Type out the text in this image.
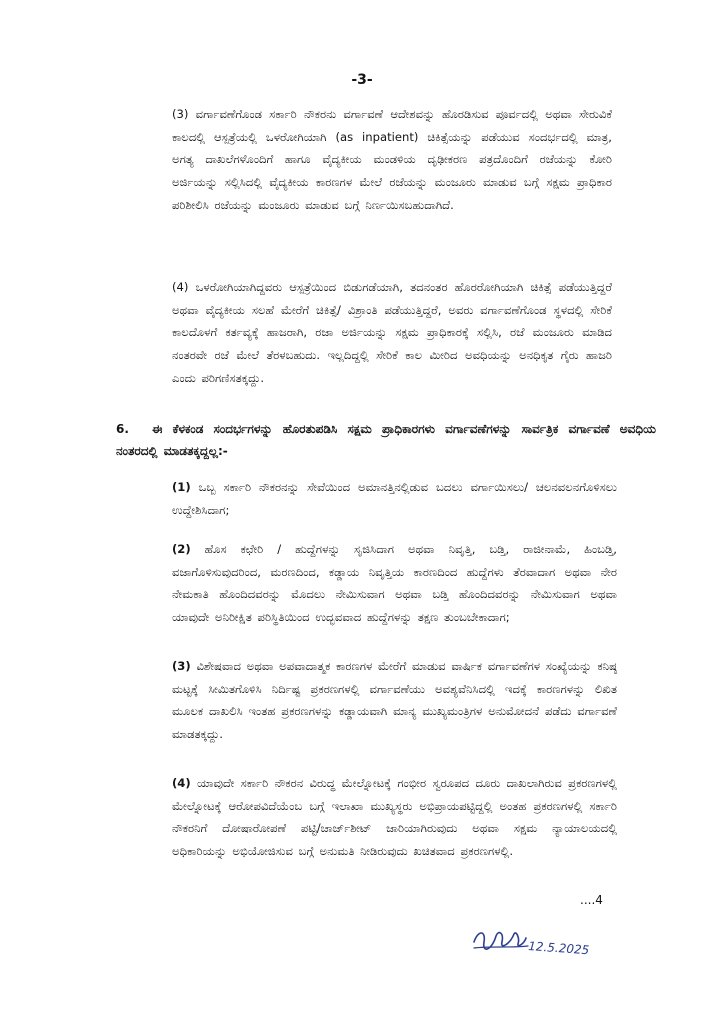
-3-

(3) ವರ್ಗಾವಣೆಗೊಂಡ ಸರ್ಕಾರಿ ನೌಕರನು ವರ್ಗಾವಣೆ ಆದೇಶವನ್ನು ಹೊರಡಿಸುವ ಪೂರ್ವದಲ್ಲಿ ಅಥವಾ ಸೇರುವಿಕೆ ಕಾಲದಲ್ಲಿ ಆಸ್ಪತ್ರೆಯಲ್ಲಿ ಒಳರೋಗಿಯಾಗಿ (as inpatient) ಚಿಕಿತ್ಸೆಯನ್ನು ಪಡೆಯುವ ಸಂದರ್ಭದಲ್ಲಿ ಮಾತ್ರ, ಅಗತ್ಯ ದಾಖಲೆಗಳೊಂದಿಗೆ ಹಾಗೂ ವೈದ್ಯಕೀಯ ಮಂಡಳಿಯ ದೃಢೀಕರಣ ಪತ್ರದೊಂದಿಗೆ ರಜೆಯನ್ನು ಕೋರಿ ಅರ್ಜಿಯನ್ನು ಸಲ್ಲಿಸಿದಲ್ಲಿ ವೈದ್ಯಕೀಯ ಕಾರಣಗಳ ಮೇಲೆ ರಜೆಯನ್ನು ಮಂಜೂರು ಮಾಡುವ ಬಗ್ಗೆ ಸಕ್ಷಮ ಪ್ರಾಧಿಕಾರ ಪರಿಶೀಲಿಸಿ ರಜೆಯನ್ನು ಮಂಜೂರು ಮಾಡುವ ಬಗ್ಗೆ ನಿರ್ಣಯಿಸಬಹುದಾಗಿದೆ.

(4) ಒಳರೋಗಿಯಾಗಿದ್ದವರು ಆಸ್ಪತ್ರೆಯಿಂದ ಬಿಡುಗಡೆಯಾಗಿ, ತದನಂತರ ಹೊರರೋಗಿಯಾಗಿ ಚಿಕಿತ್ಸೆ ಪಡೆಯುತ್ತಿದ್ದರೆ ಅಥವಾ ವೈದ್ಯಕೀಯ ಸಲಹೆ ಮೇರೆಗೆ ಚಿಕಿತ್ಸೆ/ ವಿಶ್ರಾಂತಿ ಪಡೆಯುತ್ತಿದ್ದರೆ, ಅವರು ವರ್ಗಾವಣೆಗೊಂಡ ಸ್ಥಳದಲ್ಲಿ ಸೇರಿಕೆ ಕಾಲದೊಳಗೆ ಕರ್ತವ್ಯಕ್ಕೆ ಹಾಜರಾಗಿ, ರಜಾ ಅರ್ಜಿಯನ್ನು ಸಕ್ಷಮ ಪ್ರಾಧಿಕಾರಕ್ಕೆ ಸಲ್ಲಿಸಿ, ರಜೆ ಮಂಜೂರು ಮಾಡಿದ ನಂತರವೇ ರಜೆ ಮೇಲೆ ತೆರಳಬಹುದು. ಇಲ್ಲದಿದ್ದಲ್ಲಿ ಸೇರಿಕೆ ಕಾಲ ಮೀರಿದ ಅವಧಿಯನ್ನು ಅನಧಿಕೃತ ಗೈರು ಹಾಜರಿ ಎಂದು ಪರಿಗಣಿಸತಕ್ಕದ್ದು.

6. ಈ ಕೆಳಕಂಡ ಸಂದರ್ಭಗಳನ್ನು ಹೊರತುಪಡಿಸಿ ಸಕ್ಷಮ ಪ್ರಾಧಿಕಾರಗಳು ವರ್ಗಾವಣೆಗಳನ್ನು ಸಾರ್ವತ್ರಿಕ ವರ್ಗಾವಣೆ ಅವಧಿಯ ನಂತರದಲ್ಲಿ ಮಾಡತಕ್ಕದ್ದಲ್ಲ:-

(1) ಒಬ್ಬ ಸರ್ಕಾರಿ ನೌಕರನನ್ನು ಸೇವೆಯಿಂದ ಅಮಾನತ್ತಿನಲ್ಲಿಡುವ ಬದಲು ವರ್ಗಾಯಿಸಲು/ ಚಲನವಲನಗೊಳಿಸಲು ಉದ್ದೇಶಿಸಿದಾಗ;

(2) ಹೊಸ ಕಛೇರಿ / ಹುದ್ದೆಗಳನ್ನು ಸೃಜಿಸಿದಾಗ ಅಥವಾ ನಿವೃತ್ತಿ, ಬಡ್ತಿ, ರಾಜೀನಾಮೆ, ಹಿಂಬಡ್ತಿ, ವಜಾಗೊಳಿಸುವುದರಿಂದ, ಮರಣದಿಂದ, ಕಡ್ಡಾಯ ನಿವೃತ್ತಿಯ ಕಾರಣದಿಂದ ಹುದ್ದೆಗಳು ತೆರವಾದಾಗ ಅಥವಾ ನೇರ ನೇಮಕಾತಿ ಹೊಂದಿದವರನ್ನು ಮೊದಲು ನೇಮಿಸುವಾಗ ಅಥವಾ ಬಡ್ತಿ ಹೊಂದಿದವರನ್ನು ನೇಮಿಸುವಾಗ ಅಥವಾ ಯಾವುದೇ ಅನಿರೀಕ್ಷಿತ ಪರಿಸ್ಥಿತಿಯಿಂದ ಉದ್ಭವವಾದ ಹುದ್ದೆಗಳನ್ನು ತಕ್ಷಣ ತುಂಬಬೇಕಾದಾಗ;

(3) ವಿಶೇಷವಾದ ಅಥವಾ ಅಪವಾದಾತ್ಮಕ ಕಾರಣಗಳ ಮೇರೆಗೆ ಮಾಡುವ ವಾರ್ಷಿಕ ವರ್ಗಾವಣೆಗಳ ಸಂಖ್ಯೆಯನ್ನು ಕನಿಷ್ಠ ಮಟ್ಟಕ್ಕೆ ಸೀಮಿತಗೊಳಿಸಿ ನಿರ್ದಿಷ್ಟ ಪ್ರಕರಣಗಳಲ್ಲಿ ವರ್ಗಾವಣೆಯು ಅವಶ್ಯವೆನಿಸಿದಲ್ಲಿ ಇದಕ್ಕೆ ಕಾರಣಗಳನ್ನು ಲಿಖಿತ ಮೂಲಕ ದಾಖಲಿಸಿ ಇಂತಹ ಪ್ರಕರಣಗಳನ್ನು ಕಡ್ಡಾಯವಾಗಿ ಮಾನ್ಯ ಮುಖ್ಯಮಂತ್ರಿಗಳ ಅನುಮೋದನೆ ಪಡೆದು ವರ್ಗಾವಣೆ ಮಾಡತಕ್ಕದ್ದು.

(4) ಯಾವುದೇ ಸರ್ಕಾರಿ ನೌಕರನ ವಿರುದ್ಧ ಮೇಲ್ನೋಟಕ್ಕೆ ಗಂಭೀರ ಸ್ವರೂಪದ ದೂರು ದಾಖಲಾಗಿರುವ ಪ್ರಕರಣಗಳಲ್ಲಿ ಮೇಲ್ನೋಟಕ್ಕೆ ಆರೋಪವಿದೆಯೆಂಬ ಬಗ್ಗೆ ಇಲಾಖಾ ಮುಖ್ಯಸ್ಥರು ಅಭಿಪ್ರಾಯಪಟ್ಟಿದ್ದಲ್ಲಿ ಅಂತಹ ಪ್ರಕರಣಗಳಲ್ಲಿ ಸರ್ಕಾರಿ ನೌಕರನಿಗೆ ದೋಷಾರೋಪಣೆ ಪಟ್ಟಿ/ಚಾರ್ಜ್‌ಶೀಟ್ ಜಾರಿಯಾಗಿರುವುದು ಅಥವಾ ಸಕ್ಷಮ ನ್ಯಾಯಾಲಯದಲ್ಲಿ ಅಧಿಕಾರಿಯನ್ನು ಅಭಿಯೋಜಿಸುವ ಬಗ್ಗೆ ಅನುಮತಿ ನೀಡಿರುವುದು ಖಚಿತವಾದ ಪ್ರಕರಣಗಳಲ್ಲಿ.

....4
12.5.2025
